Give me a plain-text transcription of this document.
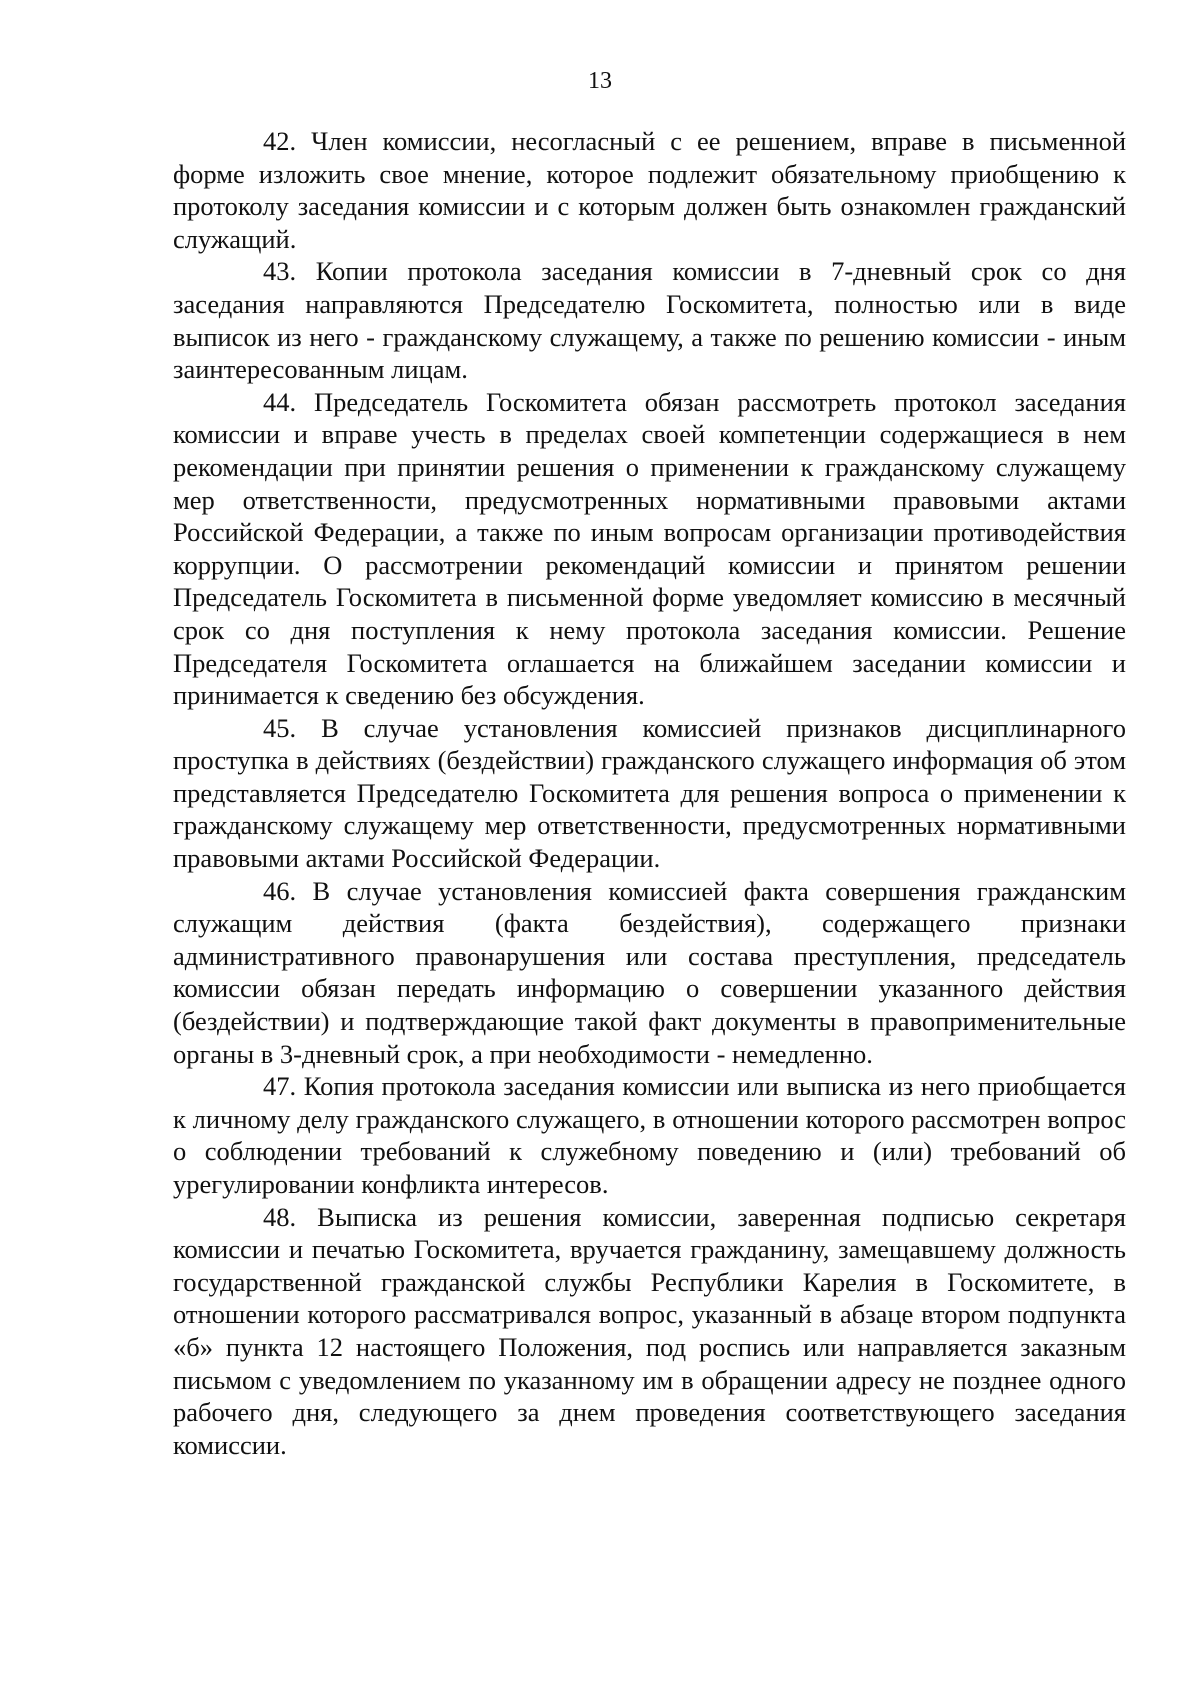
13

42. Член комиссии, несогласный с ее решением, вправе в письменной форме изложить свое мнение, которое подлежит обязательному приобщению к протоколу заседания комиссии и с которым должен быть ознакомлен гражданский служащий.

43. Копии протокола заседания комиссии в 7-дневный срок со дня заседания направляются Председателю Госкомитета, полностью или в виде выписок из него - гражданскому служащему, а также по решению комиссии - иным заинтересованным лицам.

44. Председатель Госкомитета обязан рассмотреть протокол заседания комиссии и вправе учесть в пределах своей компетенции содержащиеся в нем рекомендации при принятии решения о применении к гражданскому служащему мер ответственности, предусмотренных нормативными правовыми актами Российской Федерации, а также по иным вопросам организации противодействия коррупции. О рассмотрении рекомендаций комиссии и принятом решении Председатель Госкомитета в письменной форме уведомляет комиссию в месячный срок со дня поступления к нему протокола заседания комиссии. Решение Председателя Госкомитета оглашается на ближайшем заседании комиссии и принимается к сведению без обсуждения.

45. В случае установления комиссией признаков дисциплинарного проступка в действиях (бездействии) гражданского служащего информация об этом представляется Председателю Госкомитета для решения вопроса о применении к гражданскому служащему мер ответственности, предусмотренных нормативными правовыми актами Российской Федерации.

46. В случае установления комиссией факта совершения гражданским служащим действия (факта бездействия), содержащего признаки административного правонарушения или состава преступления, председатель комиссии обязан передать информацию о совершении указанного действия (бездействии) и подтверждающие такой факт документы в правоприменительные органы в 3-дневный срок, а при необходимости - немедленно.

47. Копия протокола заседания комиссии или выписка из него приобщается к личному делу гражданского служащего, в отношении которого рассмотрен вопрос о соблюдении требований к служебному поведению и (или) требований об урегулировании конфликта интересов.

48. Выписка из решения комиссии, заверенная подписью секретаря комиссии и печатью Госкомитета, вручается гражданину, замещавшему должность государственной гражданской службы Республики Карелия в Госкомитете, в отношении которого рассматривался вопрос, указанный в абзаце втором подпункта «б» пункта 12 настоящего Положения, под роспись или направляется заказным письмом с уведомлением по указанному им в обращении адресу не позднее одного рабочего дня, следующего за днем проведения соответствующего заседания комиссии.
